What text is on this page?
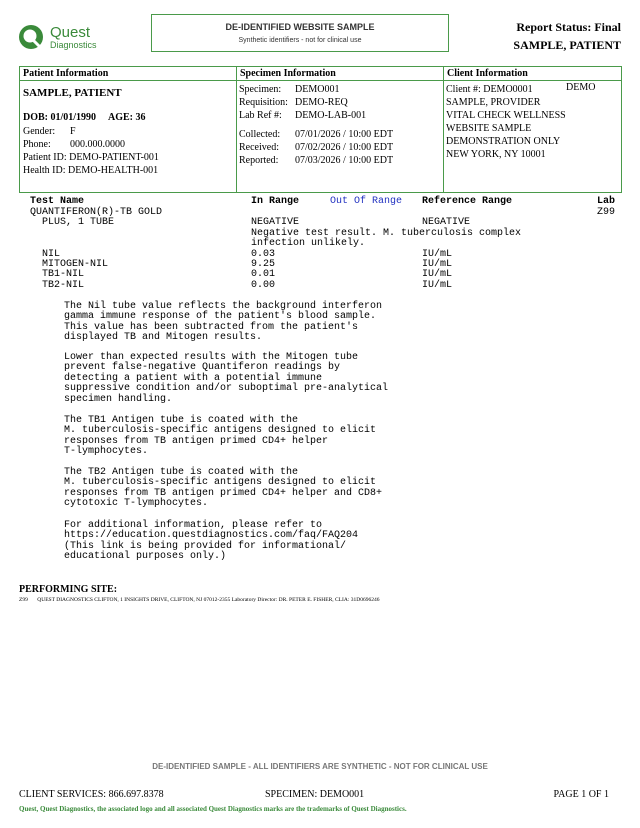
Quest
Diagnostics
DE-IDENTIFIED WEBSITE SAMPLE
Synthetic identifiers - not for clinical use
Report Status: Final
SAMPLE, PATIENT
Patient Information
SAMPLE, PATIENT
DOB: 01/01/1990     AGE: 36
Gender: F
Phone: 000.000.0000
Patient ID: DEMO-PATIENT-001
Health ID: DEMO-HEALTH-001
Specimen Information
Specimen: DEMO001
Requisition: DEMO-REQ
Lab Ref #: DEMO-LAB-001
Collected: 07/01/2026 / 10:00 EDT
Received: 07/02/2026 / 10:00 EDT
Reported: 07/03/2026 / 10:00 EDT
Client Information
Client #: DEMO0001	DEMO
SAMPLE, PROVIDER
VITAL CHECK WELLNESS
WEBSITE SAMPLE
DEMONSTRATION ONLY
NEW YORK, NY 10001
Test Name	In Range	Out Of Range Reference Range	Lab
QUANTIFERON(R)-TB GOLD	Z99
PLUS, 1 TUBE	NEGATIVE	NEGATIVE
Negative test result. M. tuberculosis complex
infection unlikely.
NIL	0.03	IU/mL
MITOGEN-NIL	9.25	IU/mL
TB1-NIL	0.01	IU/mL
TB2-NIL	0.00	IU/mL
The Nil tube value reflects the background interferon
gamma immune response of the patient's blood sample.
This value has been subtracted from the patient's
displayed TB and Mitogen results.
Lower than expected results with the Mitogen tube
prevent false-negative Quantiferon readings by
detecting a patient with a potential immune
suppressive condition and/or suboptimal pre-analytical
specimen handling.
The TB1 Antigen tube is coated with the
M. tuberculosis-specific antigens designed to elicit
responses from TB antigen primed CD4+ helper
T-lymphocytes.
The TB2 Antigen tube is coated with the
M. tuberculosis-specific antigens designed to elicit
responses from TB antigen primed CD4+ helper and CD8+
cytotoxic T-lymphocytes.
For additional information, please refer to
https://education.questdiagnostics.com/faq/FAQ204
(This link is being provided for informational/
educational purposes only.)
PERFORMING SITE:
Z99 QUEST DIAGNOSTICS CLIFTON, 1 INSIGHTS DRIVE, CLIFTON, NJ 07012-2355 Laboratory Director: DR. PETER E. FISHER, CLIA: 31D0696246
DE-IDENTIFIED SAMPLE - ALL IDENTIFIERS ARE SYNTHETIC - NOT FOR CLINICAL USE
CLIENT SERVICES: 866.697.8378	SPECIMEN: DEMO001	PAGE 1 OF 1
Quest, Quest Diagnostics, the associated logo and all associated Quest Diagnostics marks are the trademarks of Quest Diagnostics.
